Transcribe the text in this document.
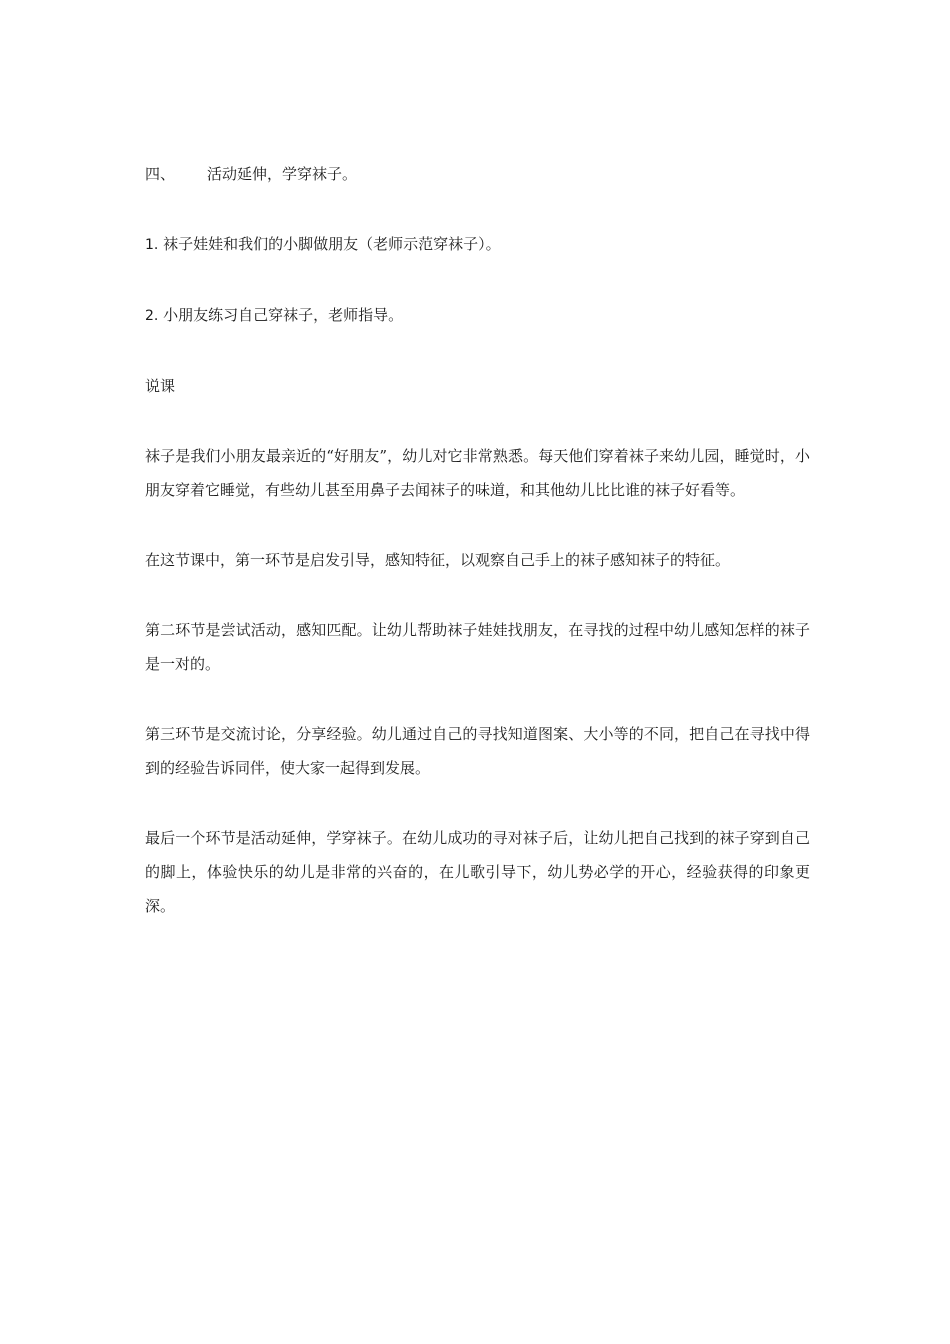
四、 活动延伸，学穿袜子。

1. 袜子娃娃和我们的小脚做朋友（老师示范穿袜子）。

2. 小朋友练习自己穿袜子，老师指导。

说课

袜子是我们小朋友最亲近的“好朋友”，幼儿对它非常熟悉。每天他们穿着袜子来幼儿园，睡觉时，小朋友穿着它睡觉，有些幼儿甚至用鼻子去闻袜子的味道，和其他幼儿比比谁的袜子好看等。

在这节课中，第一环节是启发引导，感知特征，以观察自己手上的袜子感知袜子的特征。

第二环节是尝试活动，感知匹配。让幼儿帮助袜子娃娃找朋友，在寻找的过程中幼儿感知怎样的袜子是一对的。

第三环节是交流讨论，分享经验。幼儿通过自己的寻找知道图案、大小等的不同，把自己在寻找中得到的经验告诉同伴，使大家一起得到发展。

最后一个环节是活动延伸，学穿袜子。在幼儿成功的寻对袜子后，让幼儿把自己找到的袜子穿到自己的脚上，体验快乐的幼儿是非常的兴奋的，在儿歌引导下，幼儿势必学的开心，经验获得的印象更深。
